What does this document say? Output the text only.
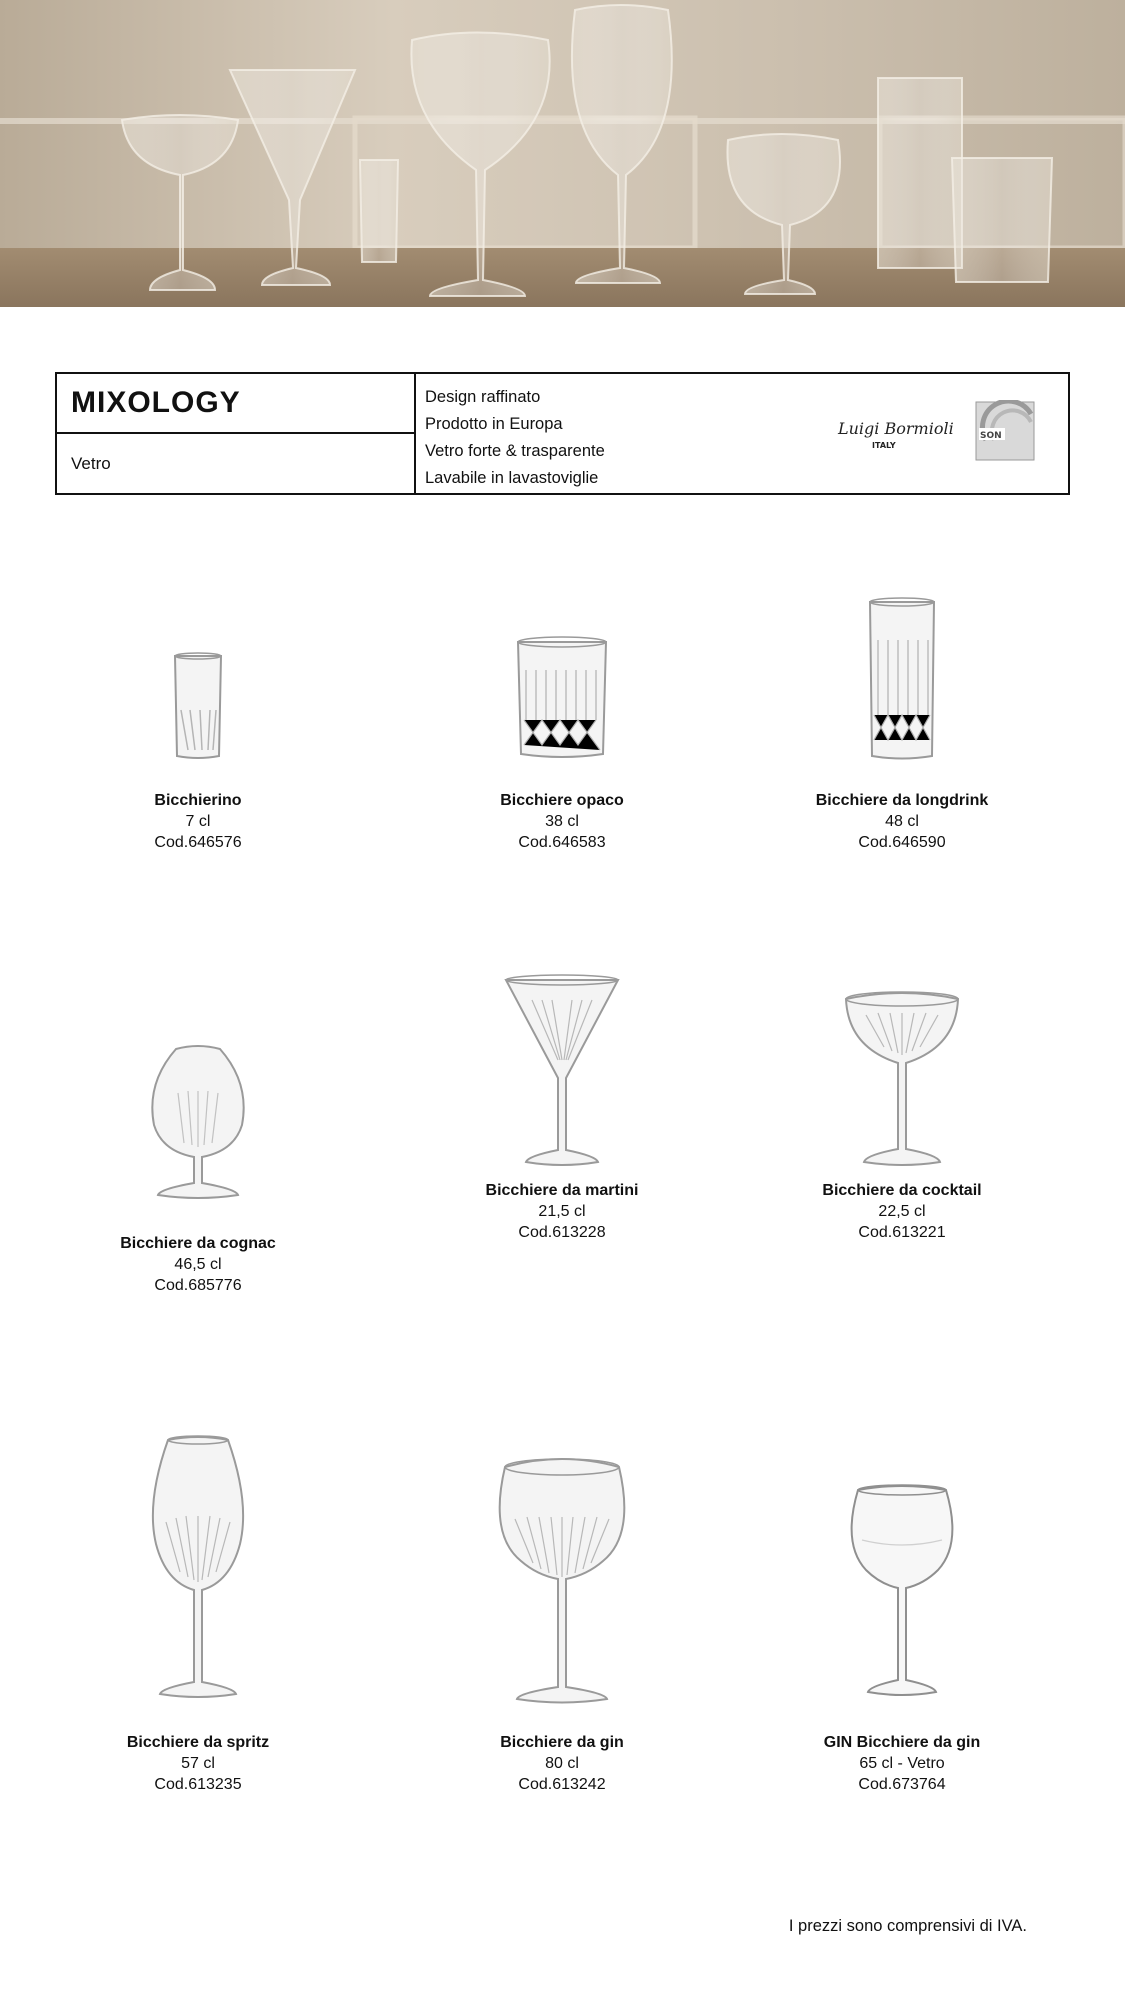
MIXOLOGY
Vetro
Design raffinato
Prodotto in Europa
Vetro forte & trasparente
Lavabile in lavastoviglie
Luigi Bormioli
ITALY
SON
Bicchierino
7 cl
Cod.646576
Bicchiere opaco
38 cl
Cod.646583
Bicchiere da longdrink
48 cl
Cod.646590
Bicchiere da cognac
46,5 cl
Cod.685776
Bicchiere da martini
21,5 cl
Cod.613228
Bicchiere da cocktail
22,5 cl
Cod.613221
Bicchiere da spritz
57 cl
Cod.613235
Bicchiere da gin
80 cl
Cod.613242
GIN Bicchiere da gin
65 cl - Vetro
Cod.673764
I prezzi sono comprensivi di IVA.
